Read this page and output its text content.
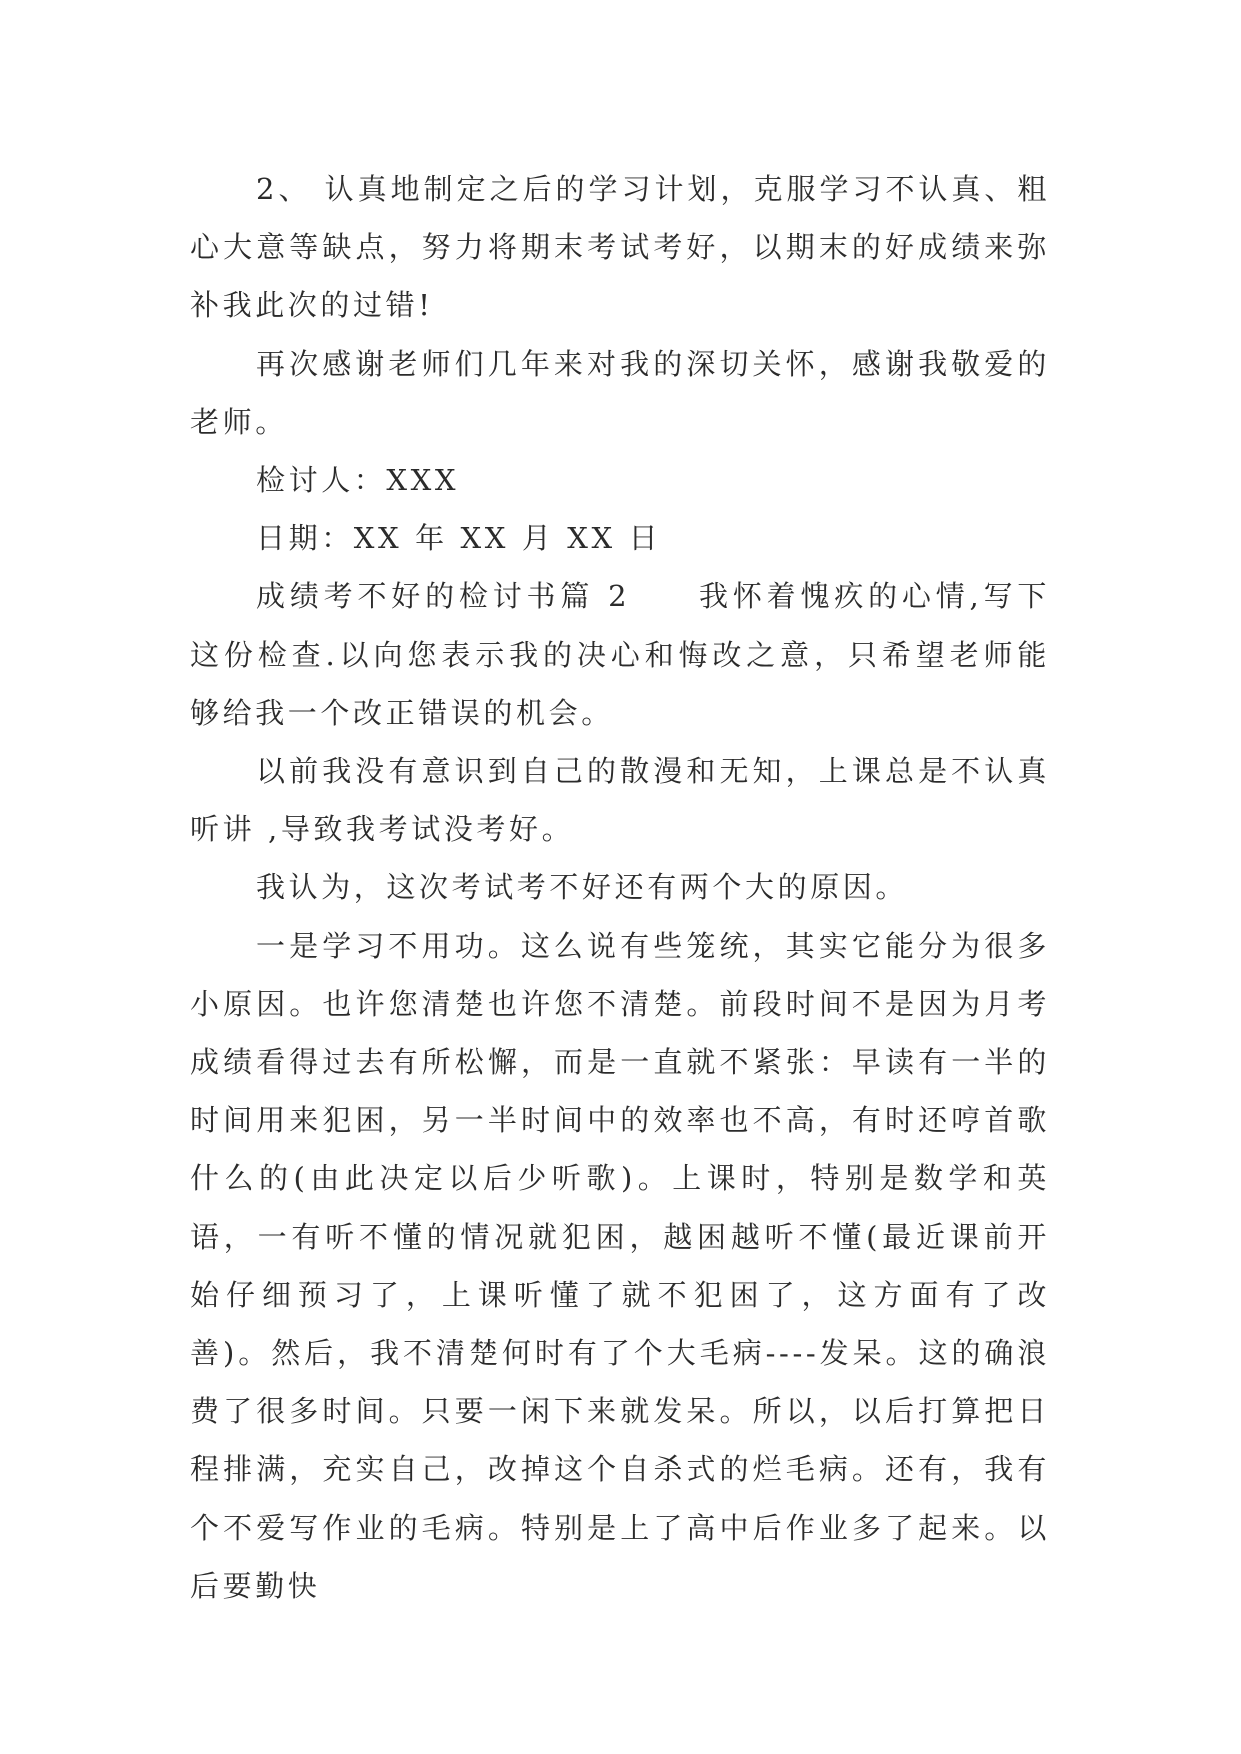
2、 认真地制定之后的学习计划，克服学习不认真、粗心大意等缺点，努力将期末考试考好，以期末的好成绩来弥补我此次的过错!

再次感谢老师们几年来对我的深切关怀，感谢我敬爱的老师。

检讨人：XXX

日期：XX 年 XX 月 XX 日

成绩考不好的检讨书篇 2　　我怀着愧疚的心情,写下这份检查.以向您表示我的决心和悔改之意，只希望老师能够给我一个改正错误的机会。

以前我没有意识到自己的散漫和无知，上课总是不认真听讲 ,导致我考试没考好。

我认为，这次考试考不好还有两个大的原因。

一是学习不用功。这么说有些笼统，其实它能分为很多小原因。也许您清楚也许您不清楚。前段时间不是因为月考成绩看得过去有所松懈，而是一直就不紧张：早读有一半的时间用来犯困，另一半时间中的效率也不高，有时还哼首歌什么的(由此决定以后少听歌)。上课时，特别是数学和英语，一有听不懂的情况就犯困，越困越听不懂(最近课前开始仔细预习了，上课听懂了就不犯困了，这方面有了改善)。然后，我不清楚何时有了个大毛病----发呆。这的确浪费了很多时间。只要一闲下来就发呆。所以，以后打算把日程排满，充实自己，改掉这个自杀式的烂毛病。还有，我有个不爱写作业的毛病。特别是上了高中后作业多了起来。以后要勤快
